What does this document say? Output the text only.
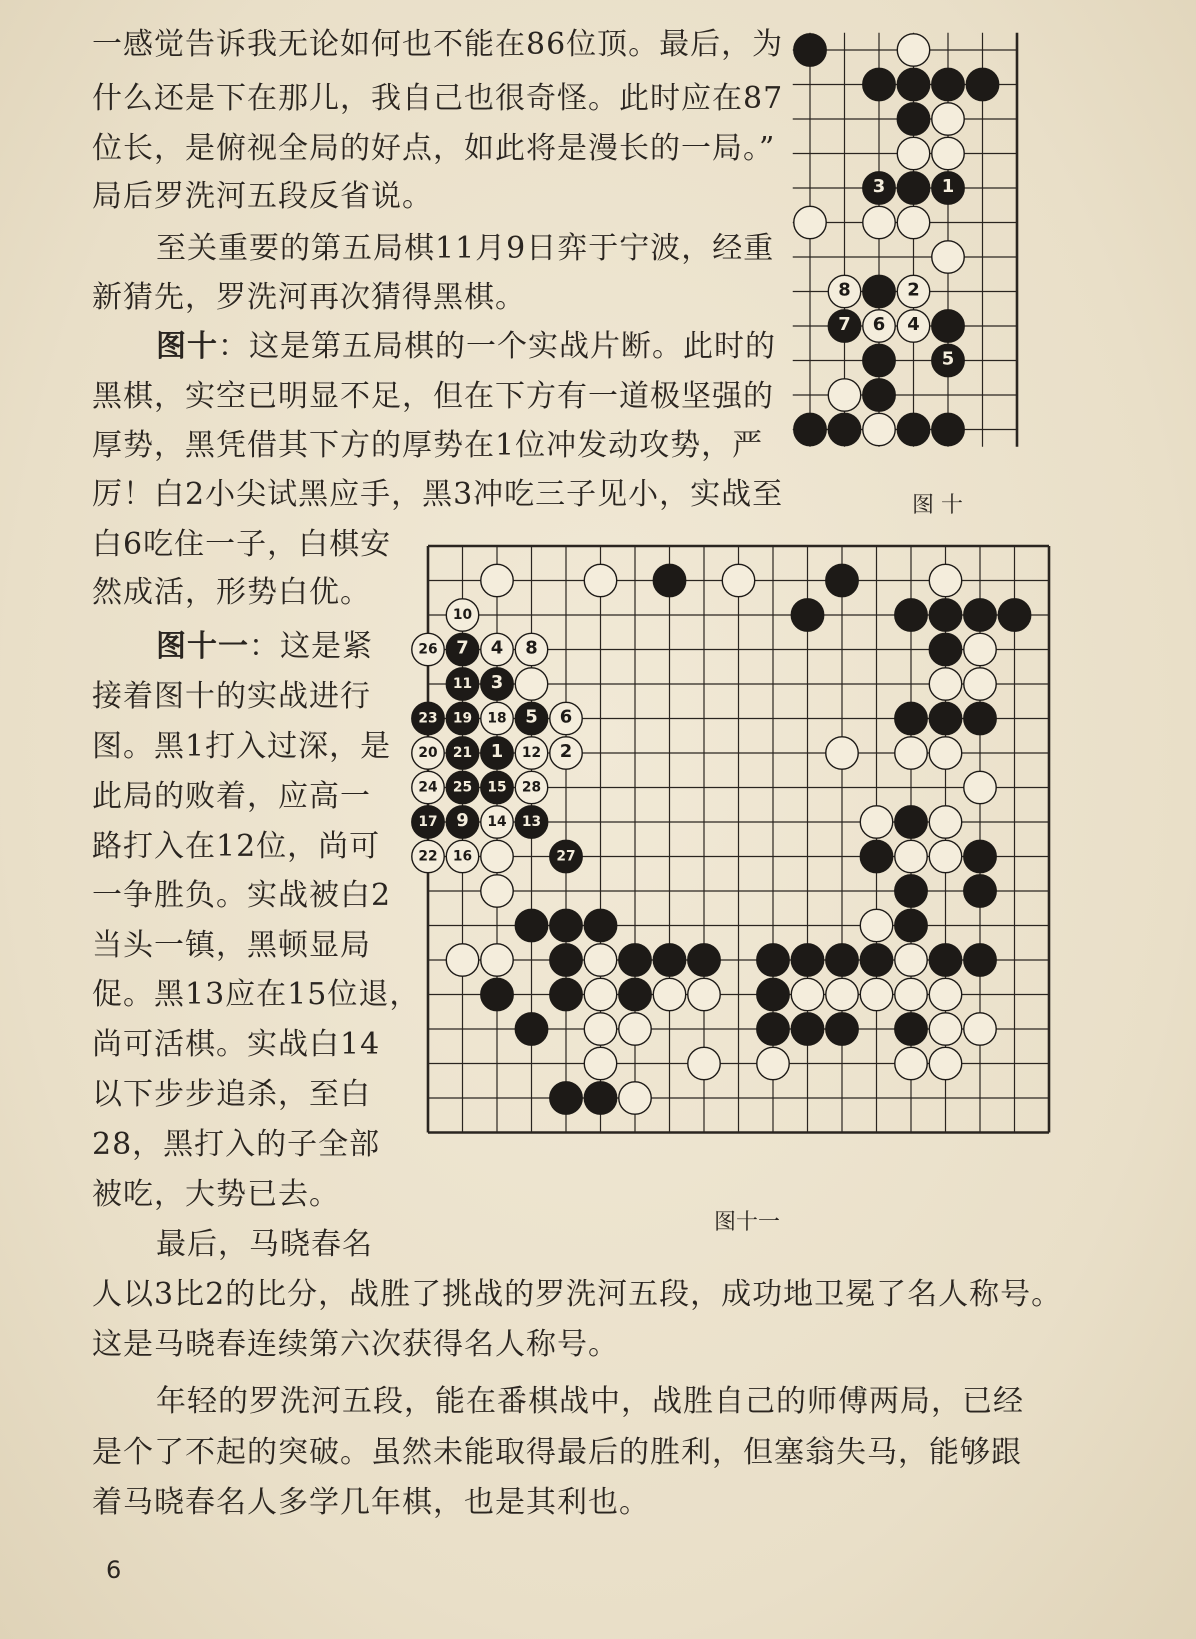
一感觉告诉我无论如何也不能在86位顶。最后，为
什么还是下在那儿，我自己也很奇怪。此时应在87
位长，是俯视全局的好点，如此将是漫长的一局。”
局后罗洗河五段反省说。
至关重要的第五局棋11月9日弈于宁波，经重
新猜先，罗洗河再次猜得黑棋。
图十：这是第五局棋的一个实战片断。此时的
黑棋，实空已明显不足，但在下方有一道极坚强的
厚势，黑凭借其下方的厚势在1位冲发动攻势，严
厉！白2小尖试黑应手，黑3冲吃三子见小，实战至
白6吃住一子，白棋安
然成活，形势白优。
图十一：这是紧
接着图十的实战进行
图。黑1打入过深，是
此局的败着，应高一
路打入在12位，尚可
一争胜负。实战被白2
当头一镇，黑顿显局
促。黑13应在15位退，
尚可活棋。实战白14
以下步步追杀，至白
28，黑打入的子全部
被吃，大势已去。
最后，马晓春名
人以3比2的比分，战胜了挑战的罗洗河五段，成功地卫冕了名人称号。
这是马晓春连续第六次获得名人称号。
年轻的罗洗河五段，能在番棋战中，战胜自己的师傅两局，已经
是个了不起的突破。虽然未能取得最后的胜利，但塞翁失马，能够跟
着马晓春名人多学几年棋，也是其利也。
3	1
8	2
7 6 4
5
图 十
10
26 7 4 8
11 3
23 19 18 5 6
20 21 1 12 2
24 25 15 28
17 9 14 13
22 16	27
图十一
6
